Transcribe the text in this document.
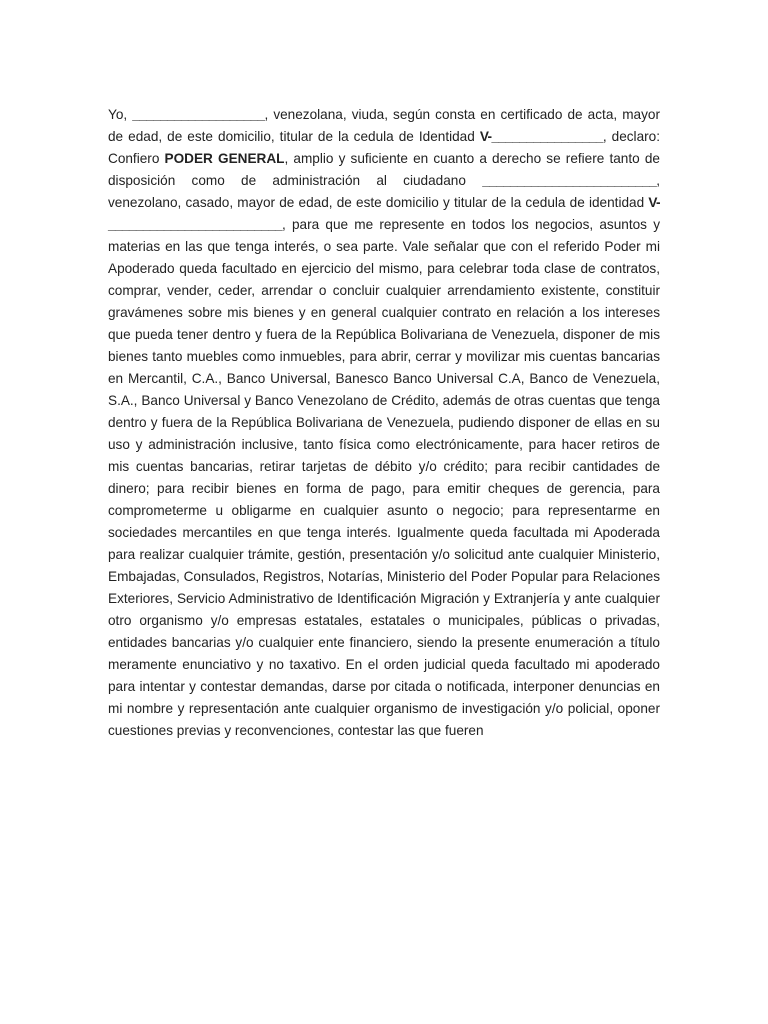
Yo, ___________________, venezolana, viuda, según consta en certificado de acta, mayor de edad, de este domicilio, titular de la cedula de Identidad V-________________, declaro: Confiero PODER GENERAL, amplio y suficiente en cuanto a derecho se refiere tanto de disposición como de administración al ciudadano _________________________, venezolano, casado, mayor de edad, de este domicilio y titular de la cedula de identidad V-_________________________, para que me represente en todos los negocios, asuntos y materias en las que tenga interés, o sea parte. Vale señalar que con el referido Poder mi Apoderado queda facultado en ejercicio del mismo, para celebrar toda clase de contratos, comprar, vender, ceder, arrendar o concluir cualquier arrendamiento existente, constituir gravámenes sobre mis bienes y en general cualquier contrato en relación a los intereses que pueda tener dentro y fuera de la República Bolivariana de Venezuela, disponer de mis bienes tanto muebles como inmuebles, para abrir, cerrar y movilizar mis cuentas bancarias en Mercantil, C.A., Banco Universal, Banesco Banco Universal C.A, Banco de Venezuela, S.A., Banco Universal y Banco Venezolano de Crédito, además de otras cuentas que tenga dentro y fuera de la República Bolivariana de Venezuela, pudiendo disponer de ellas en su uso y administración inclusive, tanto física como electrónicamente, para hacer retiros de mis cuentas bancarias, retirar tarjetas de débito y/o crédito; para recibir cantidades de dinero; para recibir bienes en forma de pago, para emitir cheques de gerencia, para comprometerme u obligarme en cualquier asunto o negocio; para representarme en sociedades mercantiles en que tenga interés. Igualmente queda facultada mi Apoderada para realizar cualquier trámite, gestión, presentación y/o solicitud ante cualquier Ministerio, Embajadas, Consulados, Registros, Notarías, Ministerio del Poder Popular para Relaciones Exteriores, Servicio Administrativo de Identificación Migración y Extranjería y ante cualquier otro organismo y/o empresas estatales, estatales o municipales, públicas o privadas, entidades bancarias y/o cualquier ente financiero, siendo la presente enumeración a título meramente enunciativo y no taxativo. En el orden judicial queda facultado mi apoderado para intentar y contestar demandas, darse por citada o notificada, interponer denuncias en mi nombre y representación ante cualquier organismo de investigación y/o policial, oponer cuestiones previas y reconvenciones, contestar las que fueren
